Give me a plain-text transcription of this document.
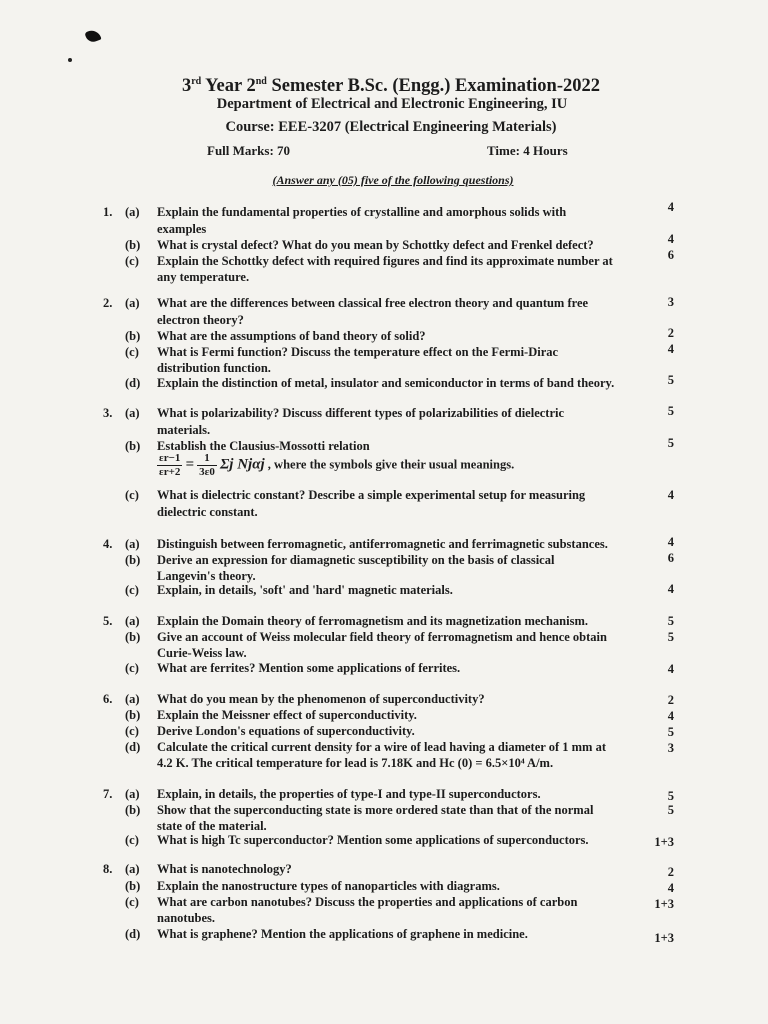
3rd Year 2nd Semester B.Sc. (Engg.) Examination-2022
Department of Electrical and Electronic Engineering, IU
Course: EEE-3207 (Electrical Engineering Materials)
Full Marks: 70	Time: 4 Hours
(Answer any (05) five of the following questions)
1. (a) Explain the fundamental properties of crystalline and amorphous solids with	4
examples
(b) What is crystal defect? What do you mean by Schottky defect and Frenkel defect?	4
(c) Explain the Schottky defect with required figures and find its approximate number at	6
any temperature.
2. (a) What are the differences between classical free electron theory and quantum free	3
electron theory?
(b) What are the assumptions of band theory of solid?	2
(c) What is Fermi function? Discuss the temperature effect on the Fermi-Dirac	4
distribution function.
(d) Explain the distinction of metal, insulator and semiconductor in terms of band theory.	5
3. (a) What is polarizability? Discuss different types of polarizabilities of dielectric	5
materials.
(b) Establish the Clausius-Mossotti relation	5
(c) What is dielectric constant? Describe a simple experimental setup for measuring	4
dielectric constant.
4. (a) Distinguish between ferromagnetic, antiferromagnetic and ferrimagnetic substances.	4
(b) Derive an expression for diamagnetic susceptibility on the basis of classical	6
Langevin's theory.
(c) Explain, in details, 'soft' and 'hard' magnetic materials.	4
5. (a) Explain the Domain theory of ferromagnetism and its magnetization mechanism.	5
(b) Give an account of Weiss molecular field theory of ferromagnetism and hence obtain	5
Curie-Weiss law.
(c) What are ferrites? Mention some applications of ferrites.	4
6. (a) What do you mean by the phenomenon of superconductivity?	2
(b) Explain the Meissner effect of superconductivity.	4
(c) Derive London's equations of superconductivity.	5
(d) Calculate the critical current density for a wire of lead having a diameter of 1 mm at	3
4.2 K. The critical temperature for lead is 7.18K and Hc (0) = 6.5×10⁴ A/m.
7. (a) Explain, in details, the properties of type-I and type-II superconductors.	5
(b) Show that the superconducting state is more ordered state than that of the normal	5
state of the material.
(c) What is high Tc superconductor? Mention some applications of superconductors.	1+3
8. (a) What is nanotechnology?	2
(b) Explain the nanostructure types of nanoparticles with diagrams.	4
(c) What are carbon nanotubes? Discuss the properties and applications of carbon	1+3
nanotubes.
(d) What is graphene? Mention the applications of graphene in medicine.	1+3
$\frac{\varepsilon r-1}{\varepsilon r+2} = \frac{1}{3\varepsilon 0}$ Σj Njαj , where the symbols give their usual meanings.
